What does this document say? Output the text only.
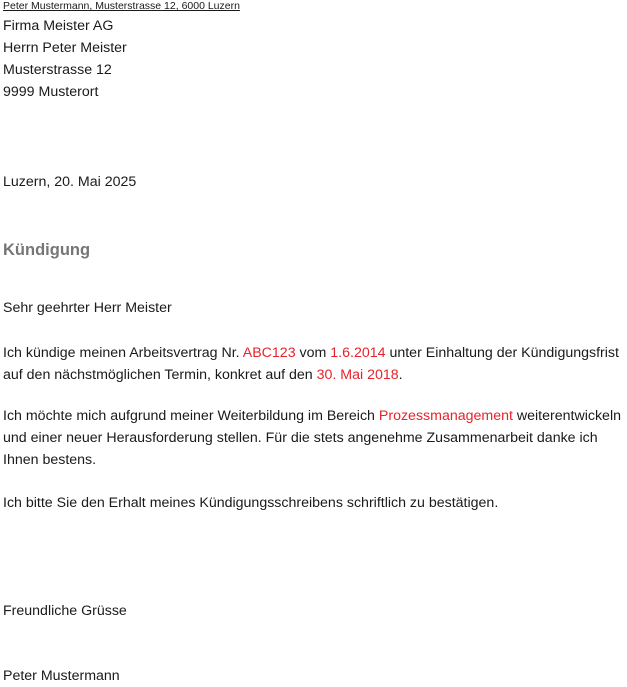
Peter Mustermann, Musterstrasse 12, 6000 Luzern
Firma Meister AG
Herrn Peter Meister
Musterstrasse 12
9999 Musterort
Luzern, 20. Mai 2025
Kündigung
Sehr geehrter Herr Meister
Ich kündige meinen Arbeitsvertrag Nr. ABC123 vom 1.6.2014 unter Einhaltung der Kündigungsfrist auf den nächstmöglichen Termin, konkret auf den 30. Mai 2018.
Ich möchte mich aufgrund meiner Weiterbildung im Bereich Prozessmanagement weiterentwickeln und einer neuer Herausforderung stellen. Für die stets angenehme Zusammenarbeit danke ich Ihnen bestens.
Ich bitte Sie den Erhalt meines Kündigungsschreibens schriftlich zu bestätigen.
Freundliche Grüsse
Peter Mustermann
